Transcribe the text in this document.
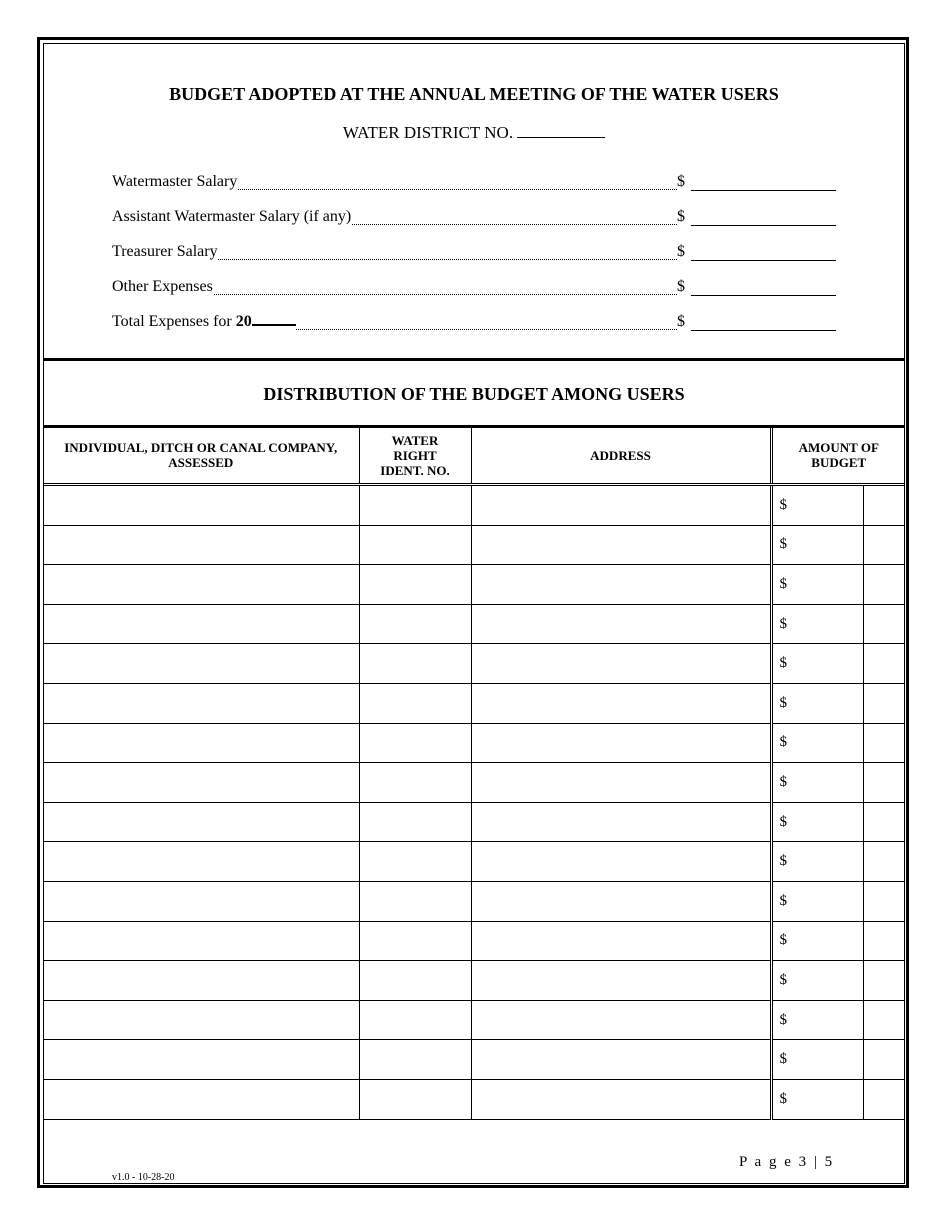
BUDGET ADOPTED AT THE ANNUAL MEETING OF THE WATER USERS
WATER DISTRICT NO.
Watermaster Salary	$
Assistant Watermaster Salary (if any)	$
Treasurer Salary	$
Other Expenses	$
Total Expenses for 20	$
DISTRIBUTION OF THE BUDGET AMONG USERS
INDIVIDUAL, DITCH OR CANAL COMPANY, ASSESSED	WATER RIGHT IDENT. NO.	ADDRESS	AMOUNT OF BUDGET	
			$	
			$	
			$	
			$	
			$	
			$	
			$	
			$	
			$	
			$	
			$	
			$	
			$	
			$	
			$	
			$	
P a g e 3 | 5
v1.0 - 10-28-20
